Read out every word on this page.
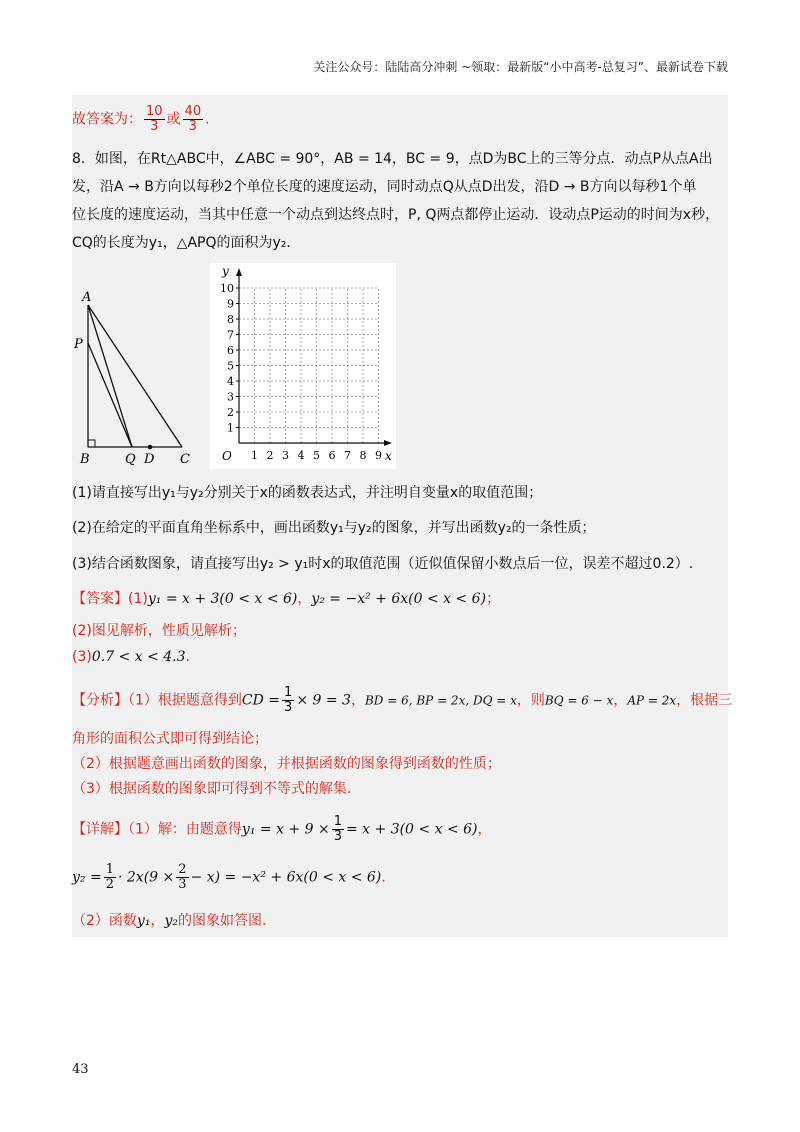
关注公众号：陆陆高分冲刺 ~领取：最新版“小中高考-总复习”、最新试卷下载
故答案为： $\frac{10}{3}$ 或 $\frac{40}{3}$ .
8．如图，在Rt△ABC中，∠ABC = 90°，AB = 14，BC = 9，点D为BC上的三等分点．动点P从点A出
发，沿A → B方向以每秒2个单位长度的速度运动，同时动点Q从点D出发，沿D → B方向以每秒1个单
位长度的速度运动，当其中任意一个动点到达终点时，P, Q两点都停止运动．设动点P运动的时间为x秒，
CQ的长度为y₁，△APQ的面积为y₂．
A
P
B	Q D C
y
x
O
1
2
3
4
5
6
7
8
9
10
1 2 3 4 5 6 7 8 9
(1)请直接写出y₁与y₂分别关于x的函数表达式，并注明自变量x的取值范围；
(2)在给定的平面直角坐标系中，画出函数y₁与y₂的图象，并写出函数y₂的一条性质；
(3)结合函数图象，请直接写出y₂ > y₁时x的取值范围（近似值保留小数点后一位，误差不超过0.2）.
【答案】(1)y₁ = x + 3(0 < x < 6)，y₂ = −x² + 6x(0 < x < 6)；
(2)图见解析，性质见解析；
(3)0.7 < x < 4.3.
【分析】（1）根据题意得到CD = $\frac{1}{3} \times 9 = 3$，BD = 6, BP = 2x, DQ = x，则BQ = 6 − x，AP = 2x，根据三
角形的面积公式即可得到结论；
（2）根据题意画出函数的图象，并根据函数的图象得到函数的性质；
（3）根据函数的图象即可得到不等式的解集.
【详解】（1）解：由题意得$y_1 = x + 9 \times \frac{1}{3} = x + 3(0 < x < 6)$，
$y_2 = \frac{1}{2} \cdot 2x(9 \times \frac{2}{3} - x) = -x^2 + 6x(0 < x < 6)$.
（2）函数y₁，y₂的图象如答图.
43
